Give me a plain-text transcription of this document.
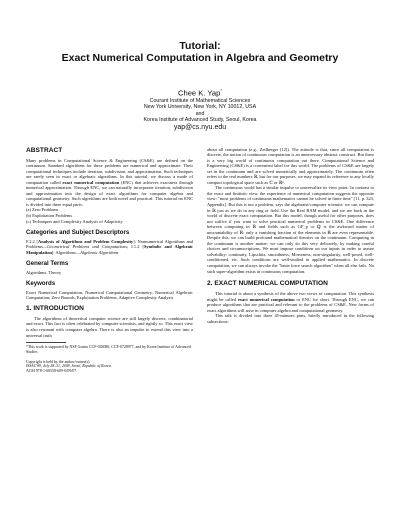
Tutorial:
Exact Numerical Computation in Algebra and Geometry
Chee K. Yap*
Courant Institute of Mathematical Sciences
New York University, New York, NY 10012, USA
and
Korea Institute of Advanced Study, Seoul, Korea
yap@cs.nyu.edu
ABSTRACT
Many problems in Computational Science & Engineering (CS&E) are defined on the continuum. Standard algorithms for these problems are numerical and approximate. Their computational techniques include iteration, subdivision, and approximation. Such techniques are rarely seen in exact or algebraic algorithms. In this tutorial, we discuss a mode of computation called exact numerical computation (ENC) that achieves exactness through numerical approximation. Through ENC, we can naturally incorporate iteration, subdivision and approximation into the design of exact algorithms for computer algebra and computational geometry. Such algorithms are both novel and practical. This tutorial on ENC is divided into three equal parts:
(a) Zero Problems
(b) Exploitation Problems
(c) Techniques and Complexity Analysis of Adaptivity
Categories and Subject Descriptors
F.2.2 [Analysis of Algorithms and Problem Complexity]: Nonnumerical Algorithms and Problems—Geometrical Problems and Computations; I.1.2 [Symbolic and Algebraic Manipulation]: Algorithms—Algebraic Algorithms
General Terms
Algorithms, Theory
Keywords
Exact Numerical Computation, Numerical Computational Geometry, Numerical Algebraic Computation; Zero Bounds, Exploitation Problems, Adaptive Complexity Analysis
1. INTRODUCTION
The algorithms of theoretical computer science are still largely discrete, combinatorial and exact. This fact is often celebrated by computer scientists, and rightly so. This exact view is also resonant with computer algebra. There is also an impulse to extend this view into a universal truth
*This work is supported by NSF Grants CCF-043086, CCF-0728977, and by Korea Institute of Advanced Studies
Copyright is held by the author/owner(s).
ISSAC'09, July 28–31, 2009, Seoul, Republic of Korea.
ACM 978-1-60558-609-0/09/07.
about all computation (e.g., Zeilberger [12]). The attitude is that, since all computation is discrete, the notion of continuous computation is an unnecessary abstract construct. But there is a very big world of continuous computation out there. Computational Science and Engineering (CS&E) is a convenient label for this world. The problems of CS&E are largely set in the continuum and are solved numerically and approximately. The continuum often refers to the real numbers ℝ, but for our purposes, we may expand its reference to any locally compact topological space such as ℂ or ℝⁿ.
The continuous world has a similar impulse to universalize its view point. In contrast to the exact and finitistic view, the experience of numerical computation suggests the opposite view: "most problems of continuous mathematics cannot be solved in finite time" [11, p. 323, Appendix]. But this is not a problem, says the algebraist/computer scientist: we can compute in ℝ just as we do in any ring or field. Use the Real RAM model, and we are back in the world of discrete exact computation. But this model, though useful for other purposes, does not suffice if you want to solve practical numerical problems in CS&E. One difference between computing in ℝ and fields such as GF_p or ℚ is the awkward matter of uncountability of ℝ: only a vanishing fraction of the elements in ℝ are even representable. Despite this, we can build profound mathematical theories on the continuum. Computing in the continuum is another matter: we can only do this very delicately, by making careful choices and circumscriptions. We must impose conditions on our inputs in order to assure solvability: continuity, Lipschitz, smoothness, Morseness, non-singularity, well-posed, well-conditioned, etc. Such conditions are well-studied in applied mathematics. In discrete computation, we can always invoke the "brute force search algorithm" when all else fails. No such super-algorithm exists in continuous computation.
2. EXACT NUMERICAL COMPUTATION
This tutorial is about a synthesis of the above two views of computation. This synthesis might be called exact numerical computation or ENC for short. Through ENC, we can produce algorithms that are practical and relevant to the problems of CS&E. New forms of exact algorithms will arise in computer algebra and computational geometry.
This talk is divided into three 45-minutes parts, briefly introduced in the following subsections:
